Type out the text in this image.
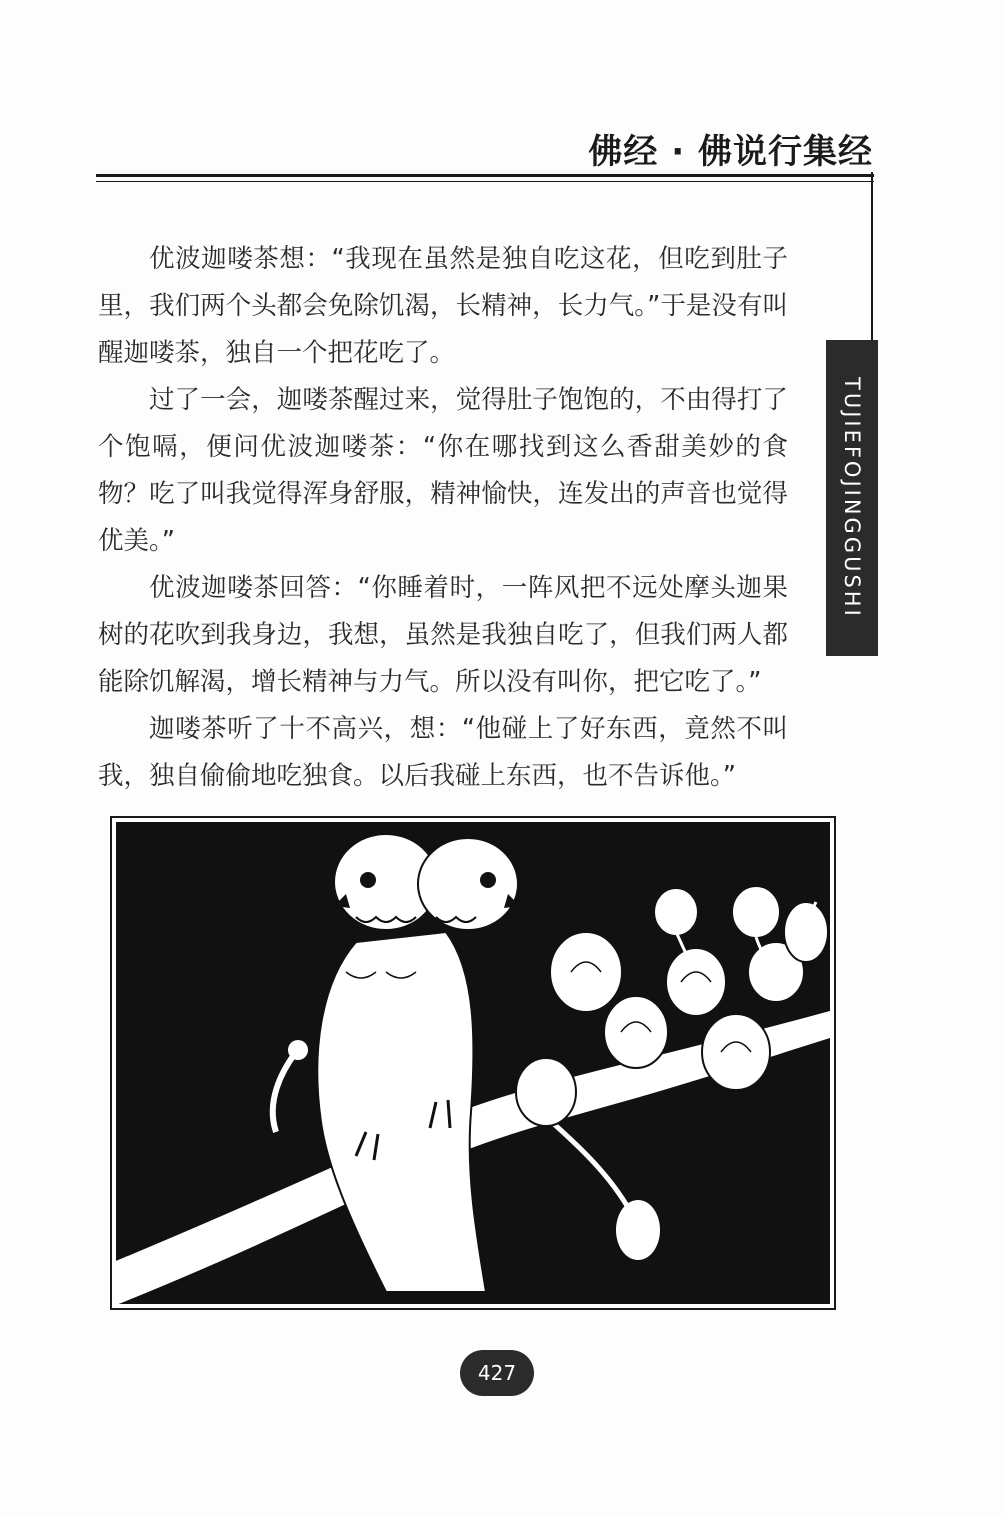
佛经 · 佛说行集经
TUJIEFOJINGGUSHI

优波迦喽茶想：“我现在虽然是独自吃这花，但吃到肚子里，我们两个头都会免除饥渴，长精神，长力气。”于是没有叫醒迦喽茶，独自一个把花吃了。

过了一会，迦喽茶醒过来，觉得肚子饱饱的，不由得打了个饱嗝，便问优波迦喽茶：“你在哪找到这么香甜美妙的食物？吃了叫我觉得浑身舒服，精神愉快，连发出的声音也觉得优美。”

优波迦喽茶回答：“你睡着时，一阵风把不远处摩头迦果树的花吹到我身边，我想，虽然是我独自吃了，但我们两人都能除饥解渴，增长精神与力气。所以没有叫你，把它吃了。”

迦喽茶听了十不高兴，想：“他碰上了好东西，竟然不叫我，独自偷偷地吃独食。以后我碰上东西，也不告诉他。”

427
